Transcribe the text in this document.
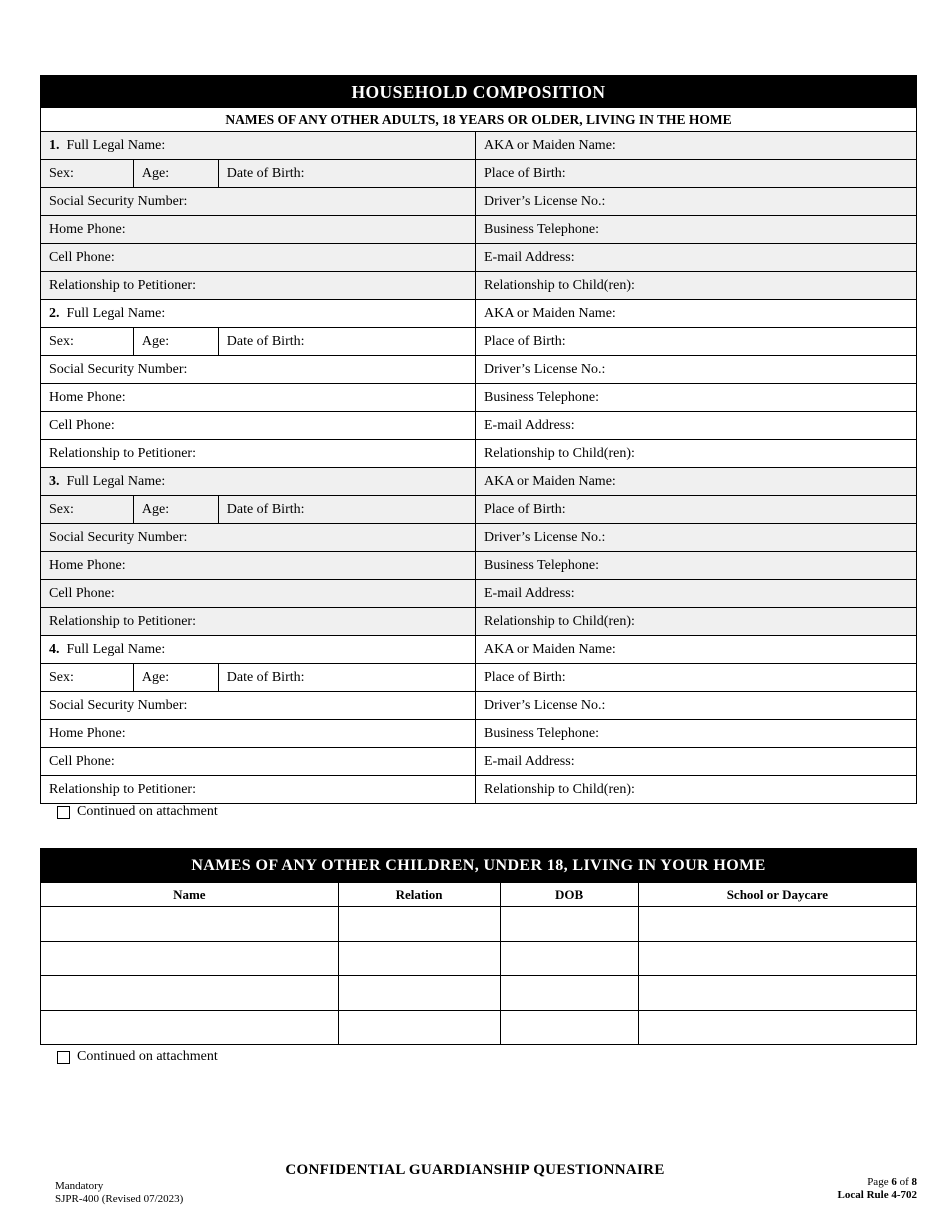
HOUSEHOLD COMPOSITION
NAMES OF ANY OTHER ADULTS, 18 YEARS OR OLDER, LIVING IN THE HOME
1. Full Legal Name:	AKA or Maiden Name:
Sex:	Age:	Date of Birth:	Place of Birth:
Social Security Number:	Driver’s License No.:
Home Phone:	Business Telephone:
Cell Phone:	E-mail Address:
Relationship to Petitioner:	Relationship to Child(ren):
2. Full Legal Name:	AKA or Maiden Name:
Sex:	Age:	Date of Birth:	Place of Birth:
Social Security Number:	Driver’s License No.:
Home Phone:	Business Telephone:
Cell Phone:	E-mail Address:
Relationship to Petitioner:	Relationship to Child(ren):
3. Full Legal Name:	AKA or Maiden Name:
Sex:	Age:	Date of Birth:	Place of Birth:
Social Security Number:	Driver’s License No.:
Home Phone:	Business Telephone:
Cell Phone:	E-mail Address:
Relationship to Petitioner:	Relationship to Child(ren):
4. Full Legal Name:	AKA or Maiden Name:
Sex:	Age:	Date of Birth:	Place of Birth:
Social Security Number:	Driver’s License No.:
Home Phone:	Business Telephone:
Cell Phone:	E-mail Address:
Relationship to Petitioner:	Relationship to Child(ren):
Continued on attachment
NAMES OF ANY OTHER CHILDREN, UNDER 18, LIVING IN YOUR HOME
Name	Relation	DOB	School or Daycare
Continued on attachment
CONFIDENTIAL GUARDIANSHIP QUESTIONNAIRE
Mandatory
SJPR-400 (Revised 07/2023)
Page 6 of 8
Local Rule 4-702
